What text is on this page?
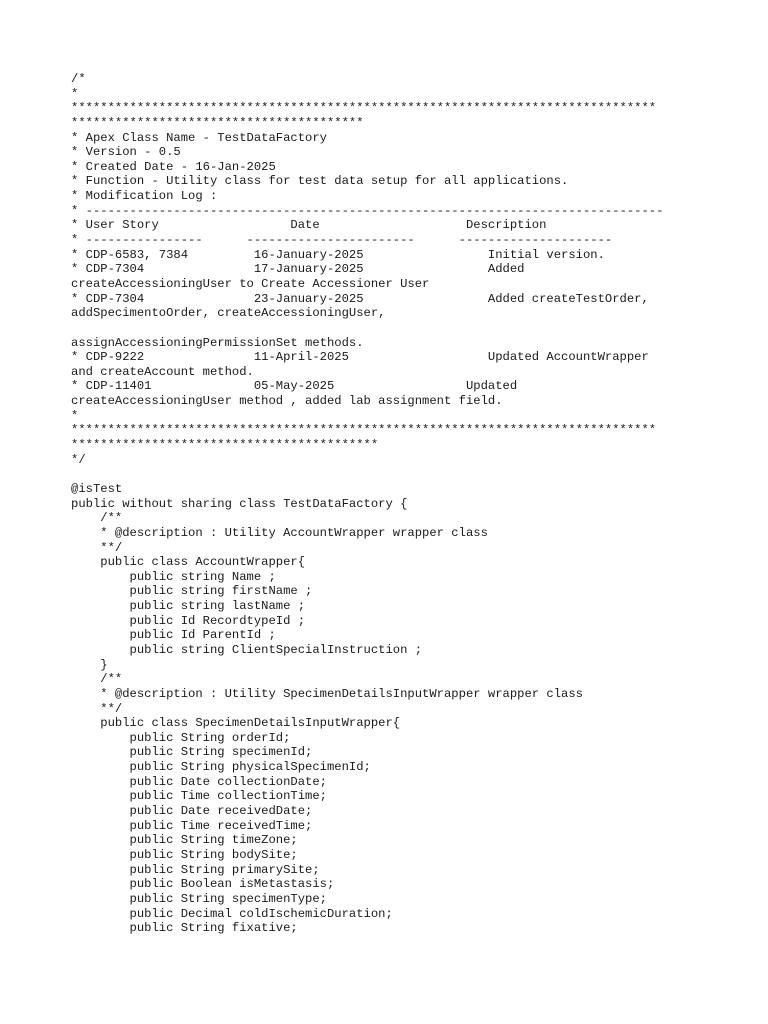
/*
*
********************************************************************************
****************************************
* Apex Class Name - TestDataFactory
* Version - 0.5
* Created Date - 16-Jan-2025
* Function - Utility class for test data setup for all applications.
* Modification Log :
* -------------------------------------------------------------------------------
* User Story                  Date                    Description
* ----------------      -----------------------      ---------------------
* CDP-6583, 7384         16-January-2025                 Initial version.
* CDP-7304               17-January-2025                 Added
createAccessioningUser to Create Accessioner User
* CDP-7304               23-January-2025                 Added createTestOrder,
addSpecimentoOrder, createAccessioningUser,
assignAccessioningPermissionSet methods.
* CDP-9222               11-April-2025                   Updated AccountWrapper
and createAccount method.
* CDP-11401              05-May-2025                  Updated
createAccessioningUser method , added lab assignment field.
*
********************************************************************************
******************************************
*/
@isTest
public without sharing class TestDataFactory {
/**
* @description : Utility AccountWrapper wrapper class
**/
public class AccountWrapper{
public string Name ;
public string firstName ;
public string lastName ;
public Id RecordtypeId ;
public Id ParentId ;
public string ClientSpecialInstruction ;
}
/**
* @description : Utility SpecimenDetailsInputWrapper wrapper class
**/
public class SpecimenDetailsInputWrapper{
public String orderId;
public String specimenId;
public String physicalSpecimenId;
public Date collectionDate;
public Time collectionTime;
public Date receivedDate;
public Time receivedTime;
public String timeZone;
public String bodySite;
public String primarySite;
public Boolean isMetastasis;
public String specimenType;
public Decimal coldIschemicDuration;
public String fixative;
